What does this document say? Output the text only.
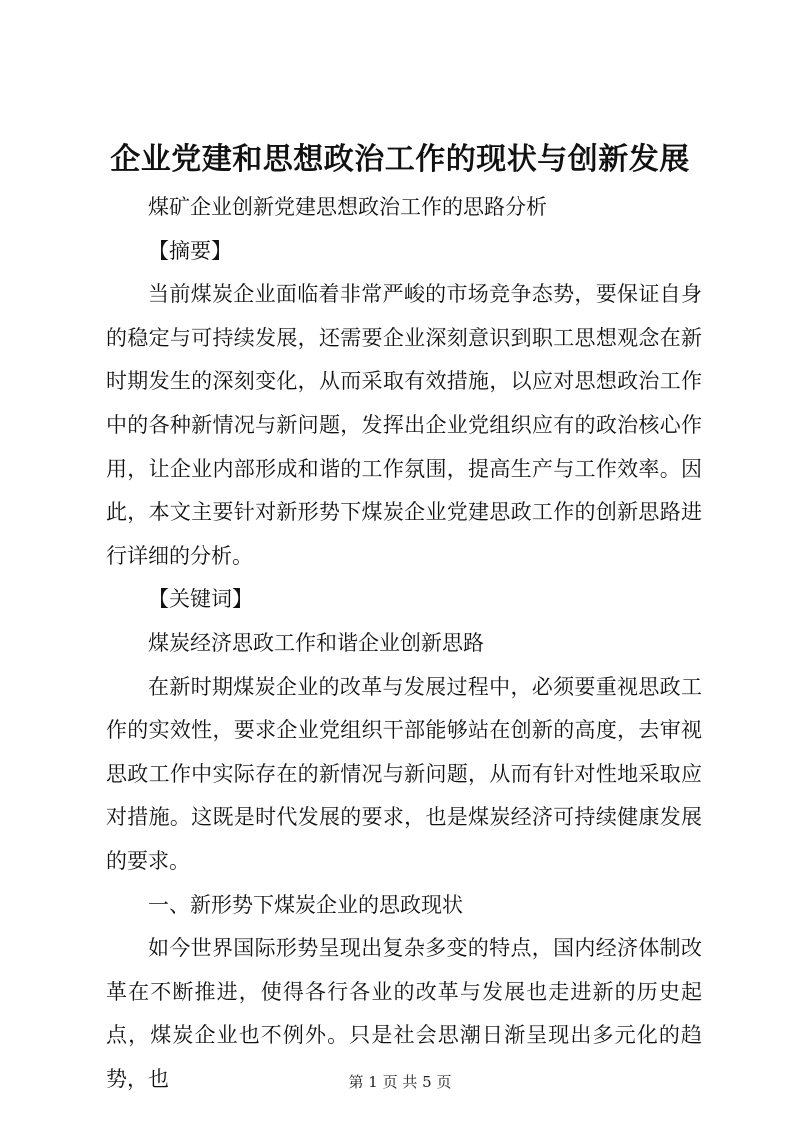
企业党建和思想政治工作的现状与创新发展

煤矿企业创新党建思想政治工作的思路分析

【摘要】

当前煤炭企业面临着非常严峻的市场竞争态势，要保证自身的稳定与可持续发展，还需要企业深刻意识到职工思想观念在新时期发生的深刻变化，从而采取有效措施，以应对思想政治工作中的各种新情况与新问题，发挥出企业党组织应有的政治核心作用，让企业内部形成和谐的工作氛围，提高生产与工作效率。因此，本文主要针对新形势下煤炭企业党建思政工作的创新思路进行详细的分析。

【关键词】

煤炭经济思政工作和谐企业创新思路

在新时期煤炭企业的改革与发展过程中，必须要重视思政工作的实效性，要求企业党组织干部能够站在创新的高度，去审视思政工作中实际存在的新情况与新问题，从而有针对性地采取应对措施。这既是时代发展的要求，也是煤炭经济可持续健康发展的要求。

一、新形势下煤炭企业的思政现状

如今世界国际形势呈现出复杂多变的特点，国内经济体制改革在不断推进，使得各行各业的改革与发展也走进新的历史起点，煤炭企业也不例外。只是社会思潮日渐呈现出多元化的趋势，也	第 1 页 共 5 页
